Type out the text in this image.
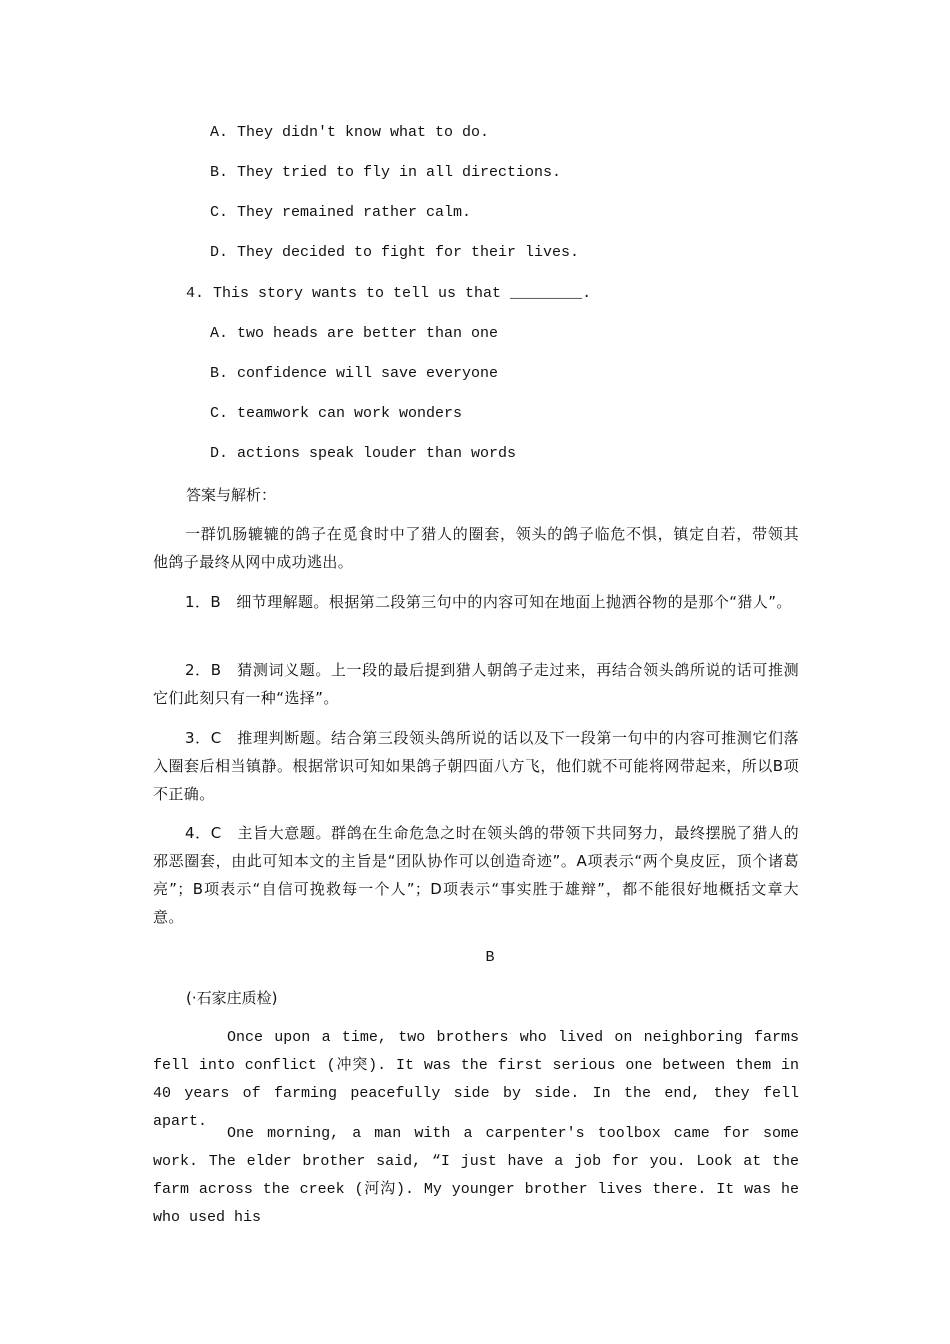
A. They didn't know what to do.
B. They tried to fly in all directions.
C. They remained rather calm.
D. They decided to fight for their lives.
4. This story wants to tell us that ________.
A. two heads are better than one
B. confidence will save everyone
C. teamwork can work wonders
D. actions speak louder than words
答案与解析：
一群饥肠辘辘的鸽子在觅食时中了猎人的圈套，领头的鸽子临危不惧，镇定自若，带领其他鸽子最终从网中成功逃出。
1．B　细节理解题。根据第二段第三句中的内容可知在地面上抛洒谷物的是那个“猎人”。
2．B　猜测词义题。上一段的最后提到猎人朝鸽子走过来，再结合领头鸽所说的话可推测它们此刻只有一种“选择”。
3．C　推理判断题。结合第三段领头鸽所说的话以及下一段第一句中的内容可推测它们落入圈套后相当镇静。根据常识可知如果鸽子朝四面八方飞，他们就不可能将网带起来，所以B项不正确。
4．C　主旨大意题。群鸽在生命危急之时在领头鸽的带领下共同努力，最终摆脱了猎人的邪恶圈套，由此可知本文的主旨是“团队协作可以创造奇迹”。A项表示“两个臭皮匠，顶个诸葛亮”；B项表示“自信可挽救每一个人”；D项表示“事实胜于雄辩”，都不能很好地概括文章大意。
B
(·石家庄质检)
Once upon a time, two brothers who lived on neighboring farms fell into conflict (冲突). It was the first serious one between them in 40 years of farming peacefully side by side. In the end, they fell apart.
One morning, a man with a carpenter's toolbox came for some work. The elder brother said, “I just have a job for you. Look at the farm across the creek (河沟). My younger brother lives there. It was he who used his
